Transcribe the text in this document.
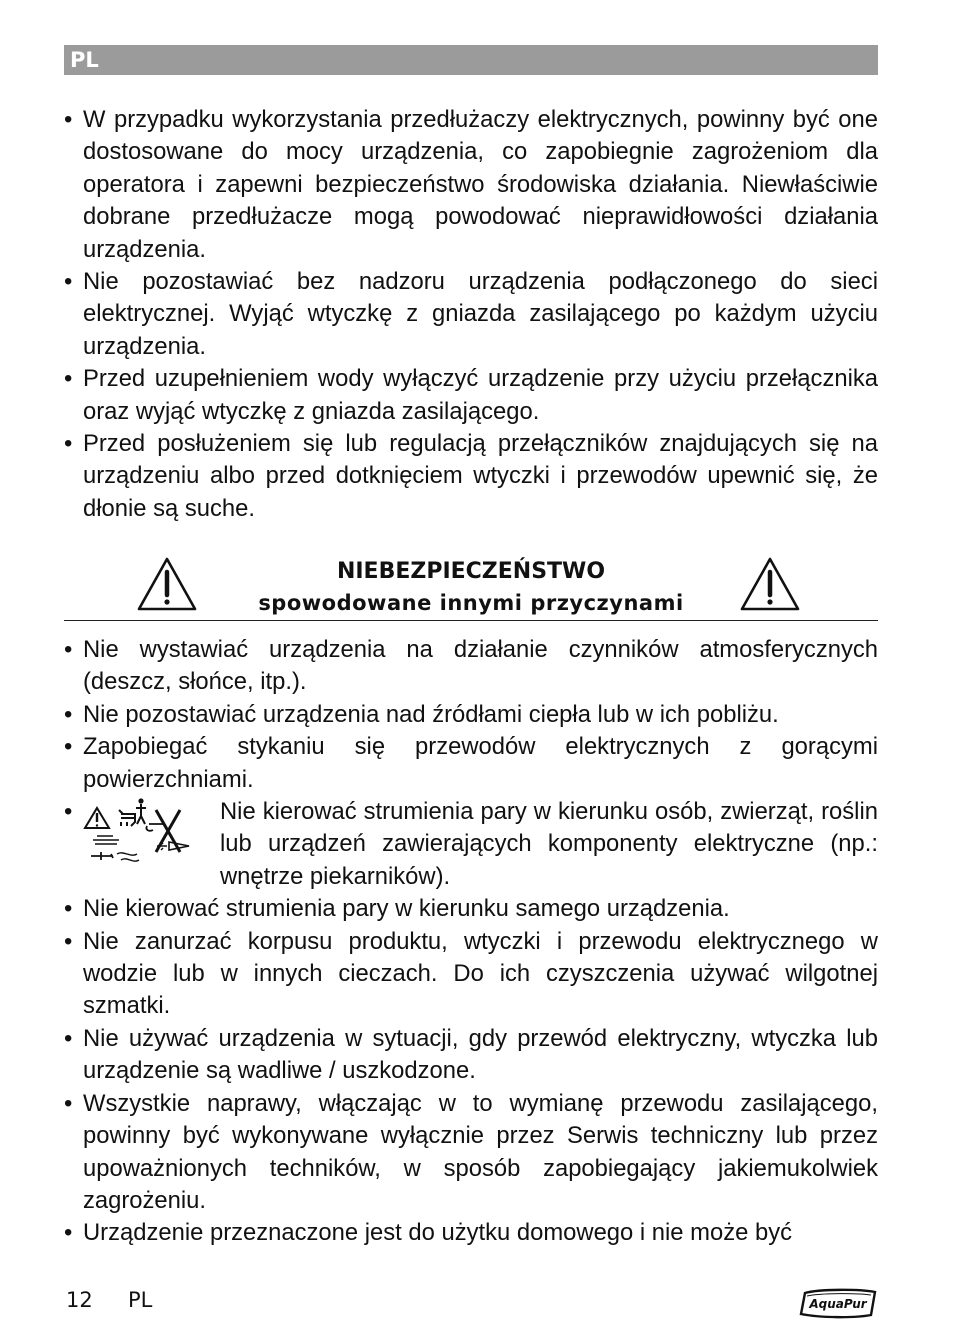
PL
• W przypadku wykorzystania przedłużaczy elektrycznych, powinny być one dostosowane do mocy urządzenia, co zapobiegnie zagrożeniom dla operatora i zapewni bezpieczeństwo środowiska działania. Niewłaściwie dobrane przedłużacze mogą powodować nieprawidłowości działania urządzenia.
• Nie pozostawiać bez nadzoru urządzenia podłączonego do sieci elektrycznej. Wyjąć wtyczkę z gniazda zasilającego po każdym użyciu urządzenia.
• Przed uzupełnieniem wody wyłączyć urządzenie przy użyciu przełącznika oraz wyjąć wtyczkę z gniazda zasilającego.
• Przed posłużeniem się lub regulacją przełączników znajdujących się na urządzeniu albo przed dotknięciem wtyczki i przewodów upewnić się, że dłonie są suche.
NIEBEZPIECZEŃSTWO
spowodowane innymi przyczynami
• Nie wystawiać urządzenia na działanie czynników atmosferycznych (deszcz, słońce, itp.).
• Nie pozostawiać urządzenia nad źródłami ciepła lub w ich pobliżu.
• Zapobiegać stykaniu się przewodów elektrycznych z gorącymi powierzchniami.
•	Nie kierować strumienia pary w kierunku osób, zwierząt, roślin lub urządzeń zawierających komponenty elektryczne (np.: wnętrze piekarników).
• Nie kierować strumienia pary w kierunku samego urządzenia.
• Nie zanurzać korpusu produktu, wtyczki i przewodu elektrycznego w wodzie lub w innych cieczach. Do ich czyszczenia używać wilgotnej szmatki.
• Nie używać urządzenia w sytuacji, gdy przewód elektryczny, wtyczka lub urządzenie są wadliwe / uszkodzone.
• Wszystkie naprawy, włączając w to wymianę przewodu zasilającego, powinny być wykonywane wyłącznie przez Serwis techniczny lub przez upoważnionych techników, w sposób zapobiegający jakiemukolwiek zagrożeniu.
• Urządzenie przeznaczone jest do użytku domowego i nie może być
12 PL	AquaPur
